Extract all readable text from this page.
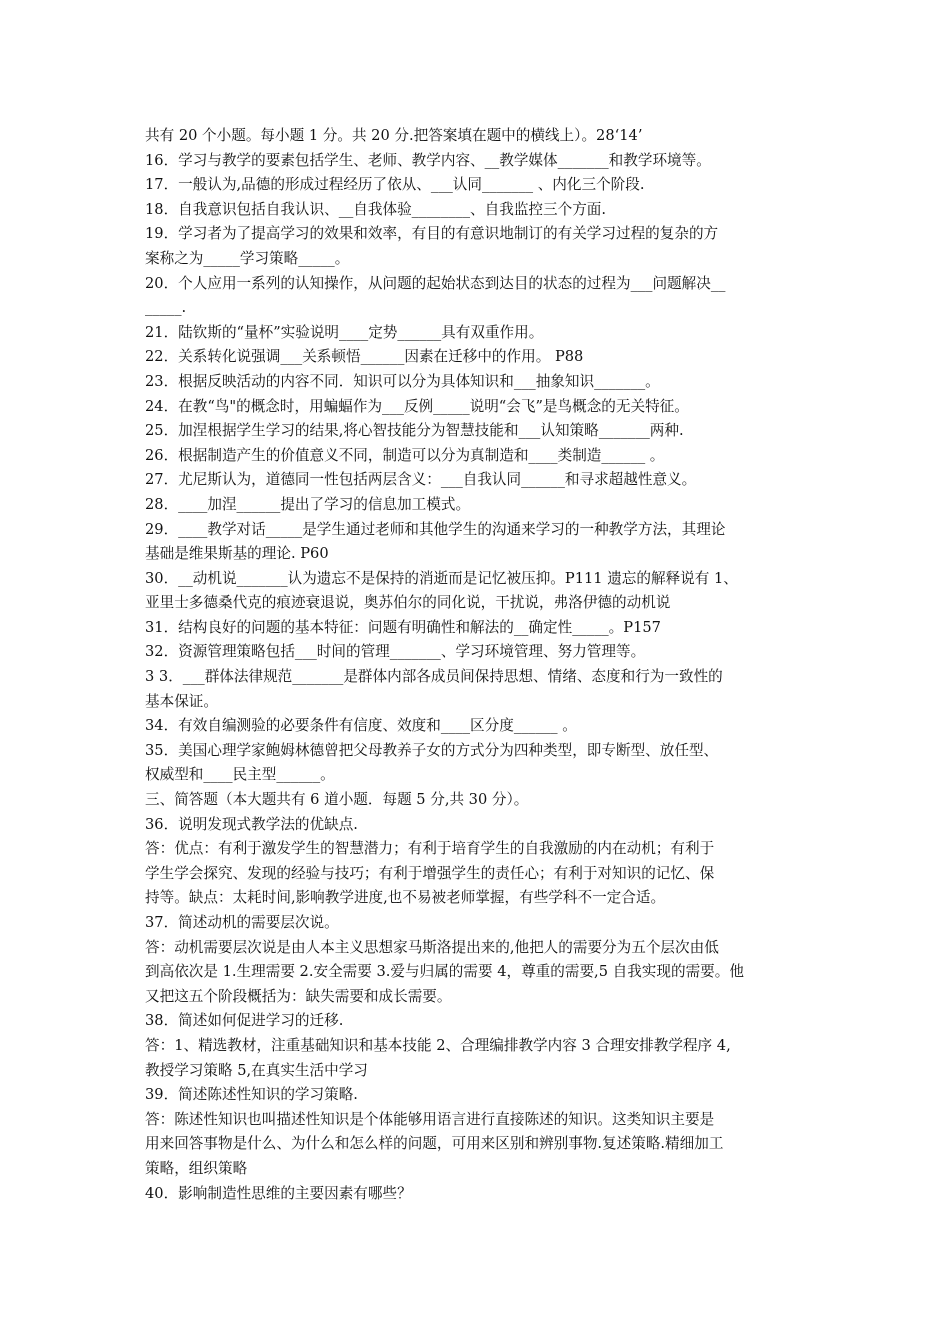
共有 20 个小题。每小题 1 分。共 20 分.把答案填在题中的横线上）。28‘14’

16．学习与教学的要素包括学生、老师、教学内容、__教学媒体_______和教学环境等。

17．一般认为,品德的形成过程经历了依从、___认同_______ 、内化三个阶段.

18．自我意识包括自我认识、__自我体验________、自我监控三个方面.

19．学习者为了提高学习的效果和效率，有目的有意识地制订的有关学习过程的复杂的方

案称之为_____学习策略_____。

20．个人应用一系列的认知操作，从问题的起始状态到达目的状态的过程为___问题解决__

_____.

21．陆钦斯的“量杯”实验说明____定势______具有双重作用。

22．关系转化说强调___关系顿悟______因素在迁移中的作用。 P88

23．根据反映活动的内容不同．知识可以分为具体知识和___抽象知识_______。

24．在教“鸟"的概念时，用蝙蝠作为___反例_____说明“会飞”是鸟概念的无关特征。

25．加涅根据学生学习的结果,将心智技能分为智慧技能和___认知策略_______两种.

26．根据制造产生的价值意义不同，制造可以分为真制造和____类制造______ 。

27．尤尼斯认为，道德同一性包括两层含义：___自我认同______和寻求超越性意义。

28．____加涅______提出了学习的信息加工模式。

29．____教学对话_____是学生通过老师和其他学生的沟通来学习的一种教学方法，其理论

基础是维果斯基的理论. P60

30．__动机说_______认为遗忘不是保持的消逝而是记忆被压抑。P111 遗忘的解释说有 1、

亚里士多德桑代克的痕迹衰退说，奥苏伯尔的同化说，干扰说，弗洛伊德的动机说

31．结构良好的问题的基本特征：问题有明确性和解法的__确定性_____。P157

32．资源管理策略包括___时间的管理_______、学习环境管理、努力管理等。

3 3．___群体法律规范_______是群体内部各成员间保持思想、情绪、态度和行为一致性的

基本保证。

34．有效自编测验的必要条件有信度、效度和____区分度______ 。

35．美国心理学家鲍姆林德曾把父母教养子女的方式分为四种类型，即专断型、放任型、

权威型和____民主型______。

三、简答题（本大题共有 6 道小题．每题 5 分,共 30 分）。

36．说明发现式教学法的优缺点.

答：优点：有利于激发学生的智慧潜力；有利于培育学生的自我激励的内在动机；有利于

学生学会探究、发现的经验与技巧；有利于增强学生的责任心；有利于对知识的记忆、保

持等。缺点：太耗时间,影响教学进度,也不易被老师掌握，有些学科不一定合适。

37．简述动机的需要层次说。

答：动机需要层次说是由人本主义思想家马斯洛提出来的,他把人的需要分为五个层次由低

到高依次是 1.生理需要 2.安全需要 3.爱与归属的需要 4，尊重的需要,5 自我实现的需要。他

又把这五个阶段概括为：缺失需要和成长需要。

38．简述如何促进学习的迁移.

答：1、精选教材，注重基础知识和基本技能 2、合理编排教学内容 3 合理安排教学程序 4,

教授学习策略 5,在真实生活中学习

39．简述陈述性知识的学习策略.

答：陈述性知识也叫描述性知识是个体能够用语言进行直接陈述的知识。这类知识主要是

用来回答事物是什么、为什么和怎么样的问题，可用来区别和辨别事物.复述策略.精细加工

策略，组织策略

40．影响制造性思维的主要因素有哪些？
